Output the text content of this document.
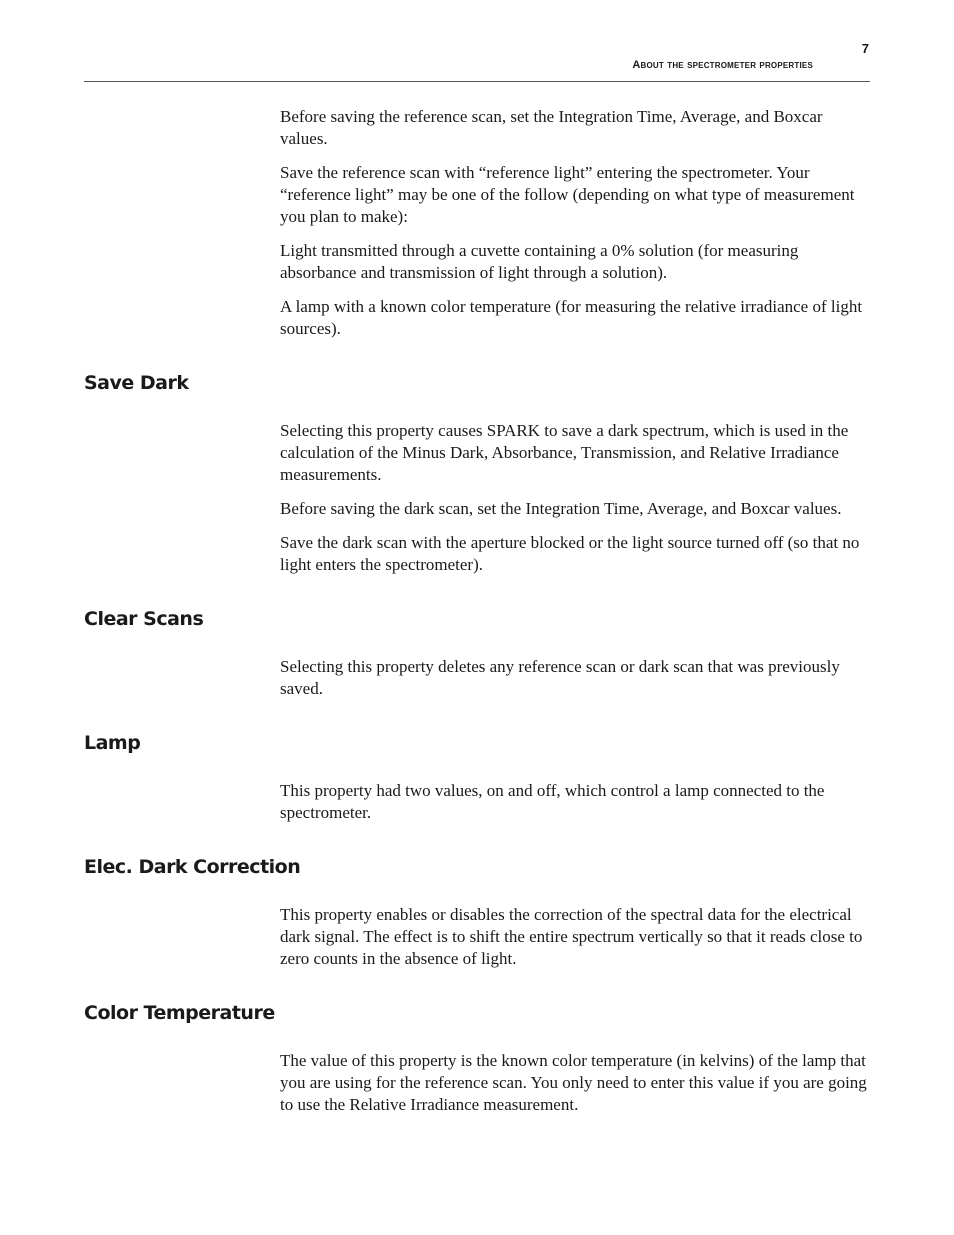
7
About the spectrometer properties

Before saving the reference scan, set the Integration Time, Average, and Boxcar values.

Save the reference scan with “reference light” entering the spectrometer. Your “reference light” may be one of the follow (depending on what type of measurement you plan to make):

Light transmitted through a cuvette containing a 0% solution (for measuring absorbance and transmission of light through a solution).

A lamp with a known color temperature (for measuring the relative irradiance of light sources).

Save Dark

Selecting this property causes SPARK to save a dark spectrum, which is used in the calculation of the Minus Dark, Absorbance, Transmission, and Relative Irradiance measurements.

Before saving the dark scan, set the Integration Time, Average, and Boxcar values.

Save the dark scan with the aperture blocked or the light source turned off (so that no light enters the spectrometer).

Clear Scans

Selecting this property deletes any reference scan or dark scan that was previously saved.

Lamp

This property had two values, on and off, which control a lamp connected to the spectrometer.

Elec. Dark Correction

This property enables or disables the correction of the spectral data for the electrical dark signal. The effect is to shift the entire spectrum vertically so that it reads close to zero counts in the absence of light.

Color Temperature

The value of this property is the known color temperature (in kelvins) of the lamp that you are using for the reference scan. You only need to enter this value if you are going to use the Relative Irradiance measurement.
